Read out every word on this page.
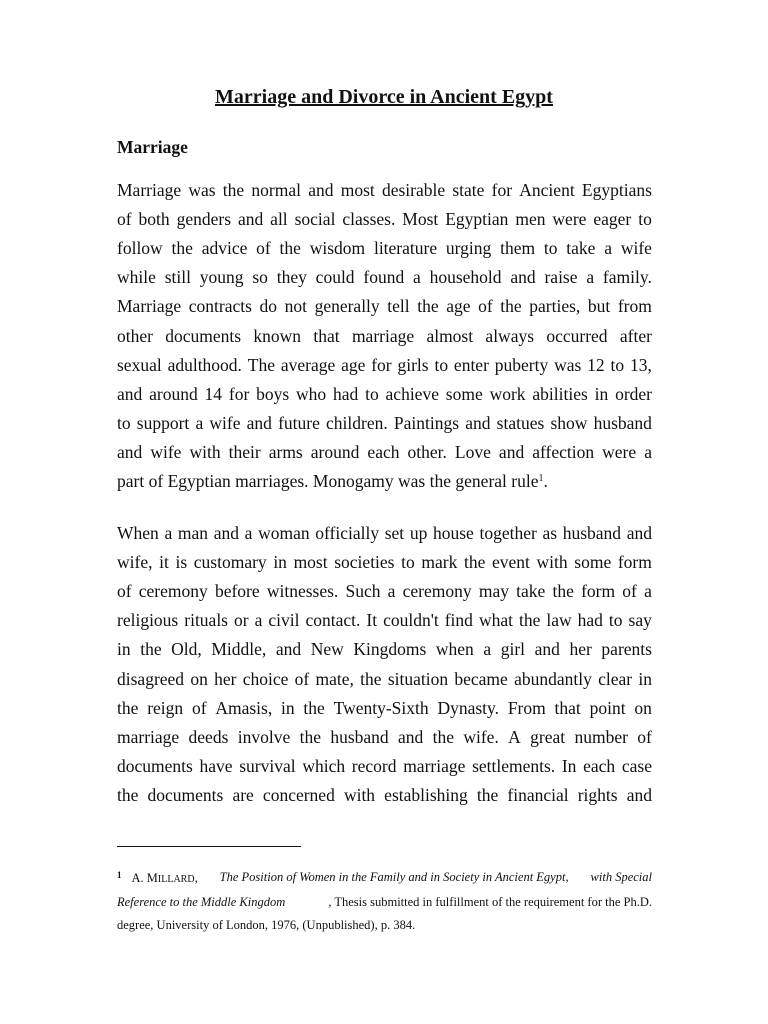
Marriage and Divorce in Ancient Egypt
Marriage
Marriage was the normal and most desirable state for Ancient Egyptians
of both genders and all social classes. Most Egyptian men were eager to
follow the advice of the wisdom literature urging them to take a wife
while still young so they could found a household and raise a family.
Marriage contracts do not generally tell the age of the parties, but from
other documents known that marriage almost always occurred after
sexual adulthood. The average age for girls to enter puberty was 12 to 13,
and around 14 for boys who had to achieve some work abilities in order
to support a wife and future children. Paintings and statues show husband
and wife with their arms around each other. Love and affection were a
part of Egyptian marriages. Monogamy was the general rule$^1$.
When a man and a woman officially set up house together as husband and
wife, it is customary in most societies to mark the event with some form
of ceremony before witnesses. Such a ceremony may take the form of a
religious rituals or a civil contact. It couldn't find what the law had to say
in the Old, Middle, and New Kingdoms when a girl and her parents
disagreed on her choice of mate, the situation became abundantly clear in
the reign of Amasis, in the Twenty-Sixth Dynasty. From that point on
marriage deeds involve the husband and the wife. A great number of
documents have survival which record marriage settlements. In each case
the documents are concerned with establishing the financial rights and
$^1$ A. MILLARD, The Position of Women in the Family and in Society in Ancient Egypt, with Special
Reference to the Middle Kingdom	, Thesis submitted in fulfillment of the requirement for the Ph.D.
degree, University of London, 1976, (Unpublished), p. 384.
